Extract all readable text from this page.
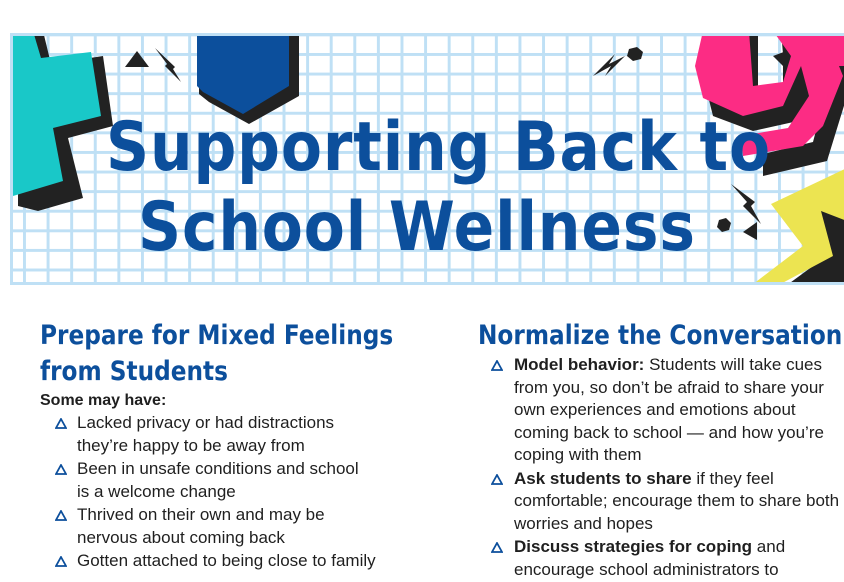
Supporting Back to
School Wellness
Prepare for Mixed Feelings
from Students

Some may have:

Lacked privacy or had distractions
they’re happy to be away from
Been in unsafe conditions and school
is a welcome change
Thrived on their own and may be
nervous about coming back
Gotten attached to being close to family
Normalize the Conversation
Model behavior: Students will take cues from you, so don’t be afraid to share your own experiences and emotions about coming back to school — and how you’re coping with them
Ask students to share if they feel comfortable; encourage them to share both worries and hopes
Discuss strategies for coping and encourage school administrators to
